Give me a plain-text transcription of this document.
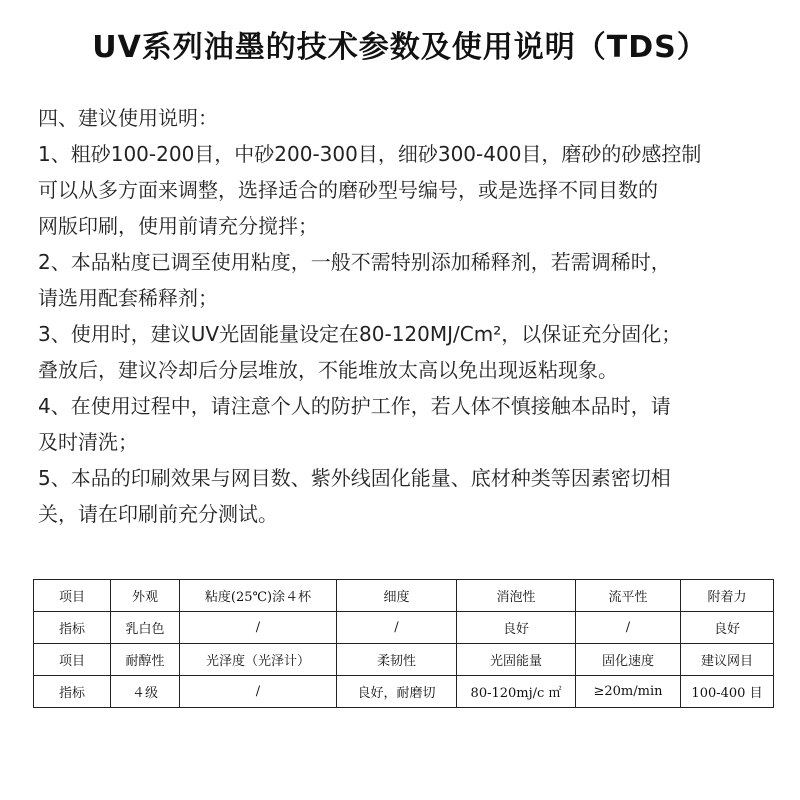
UV系列油墨的技术参数及使用说明（TDS）
四、建议使用说明：
1、粗砂100-200目，中砂200-300目，细砂300-400目，磨砂的砂感控制
可以从多方面来调整，选择适合的磨砂型号编号，或是选择不同目数的
网版印刷，使用前请充分搅拌；
2、本品粘度已调至使用粘度，一般不需特别添加稀释剂，若需调稀时，
请选用配套稀释剂；
3、使用时，建议UV光固能量设定在80-120MJ/Cm²，以保证充分固化；
叠放后，建议冷却后分层堆放，不能堆放太高以免出现返粘现象。
4、在使用过程中，请注意个人的防护工作，若人体不慎接触本品时，请
及时清洗；
5、本品的印刷效果与网目数、紫外线固化能量、底材种类等因素密切相
关，请在印刷前充分测试。
项目	外观	粘度(25℃)涂４杯	细度	消泡性	流平性	附着力
指标	乳白色	/	/	良好	/	良好
项目	耐醇性	光泽度（光泽计）	柔韧性	光固能量	固化速度	建议网目
指标	４级	/	良好，耐磨切	80-120mj/c ㎡	≥20m/min	100-400 目
